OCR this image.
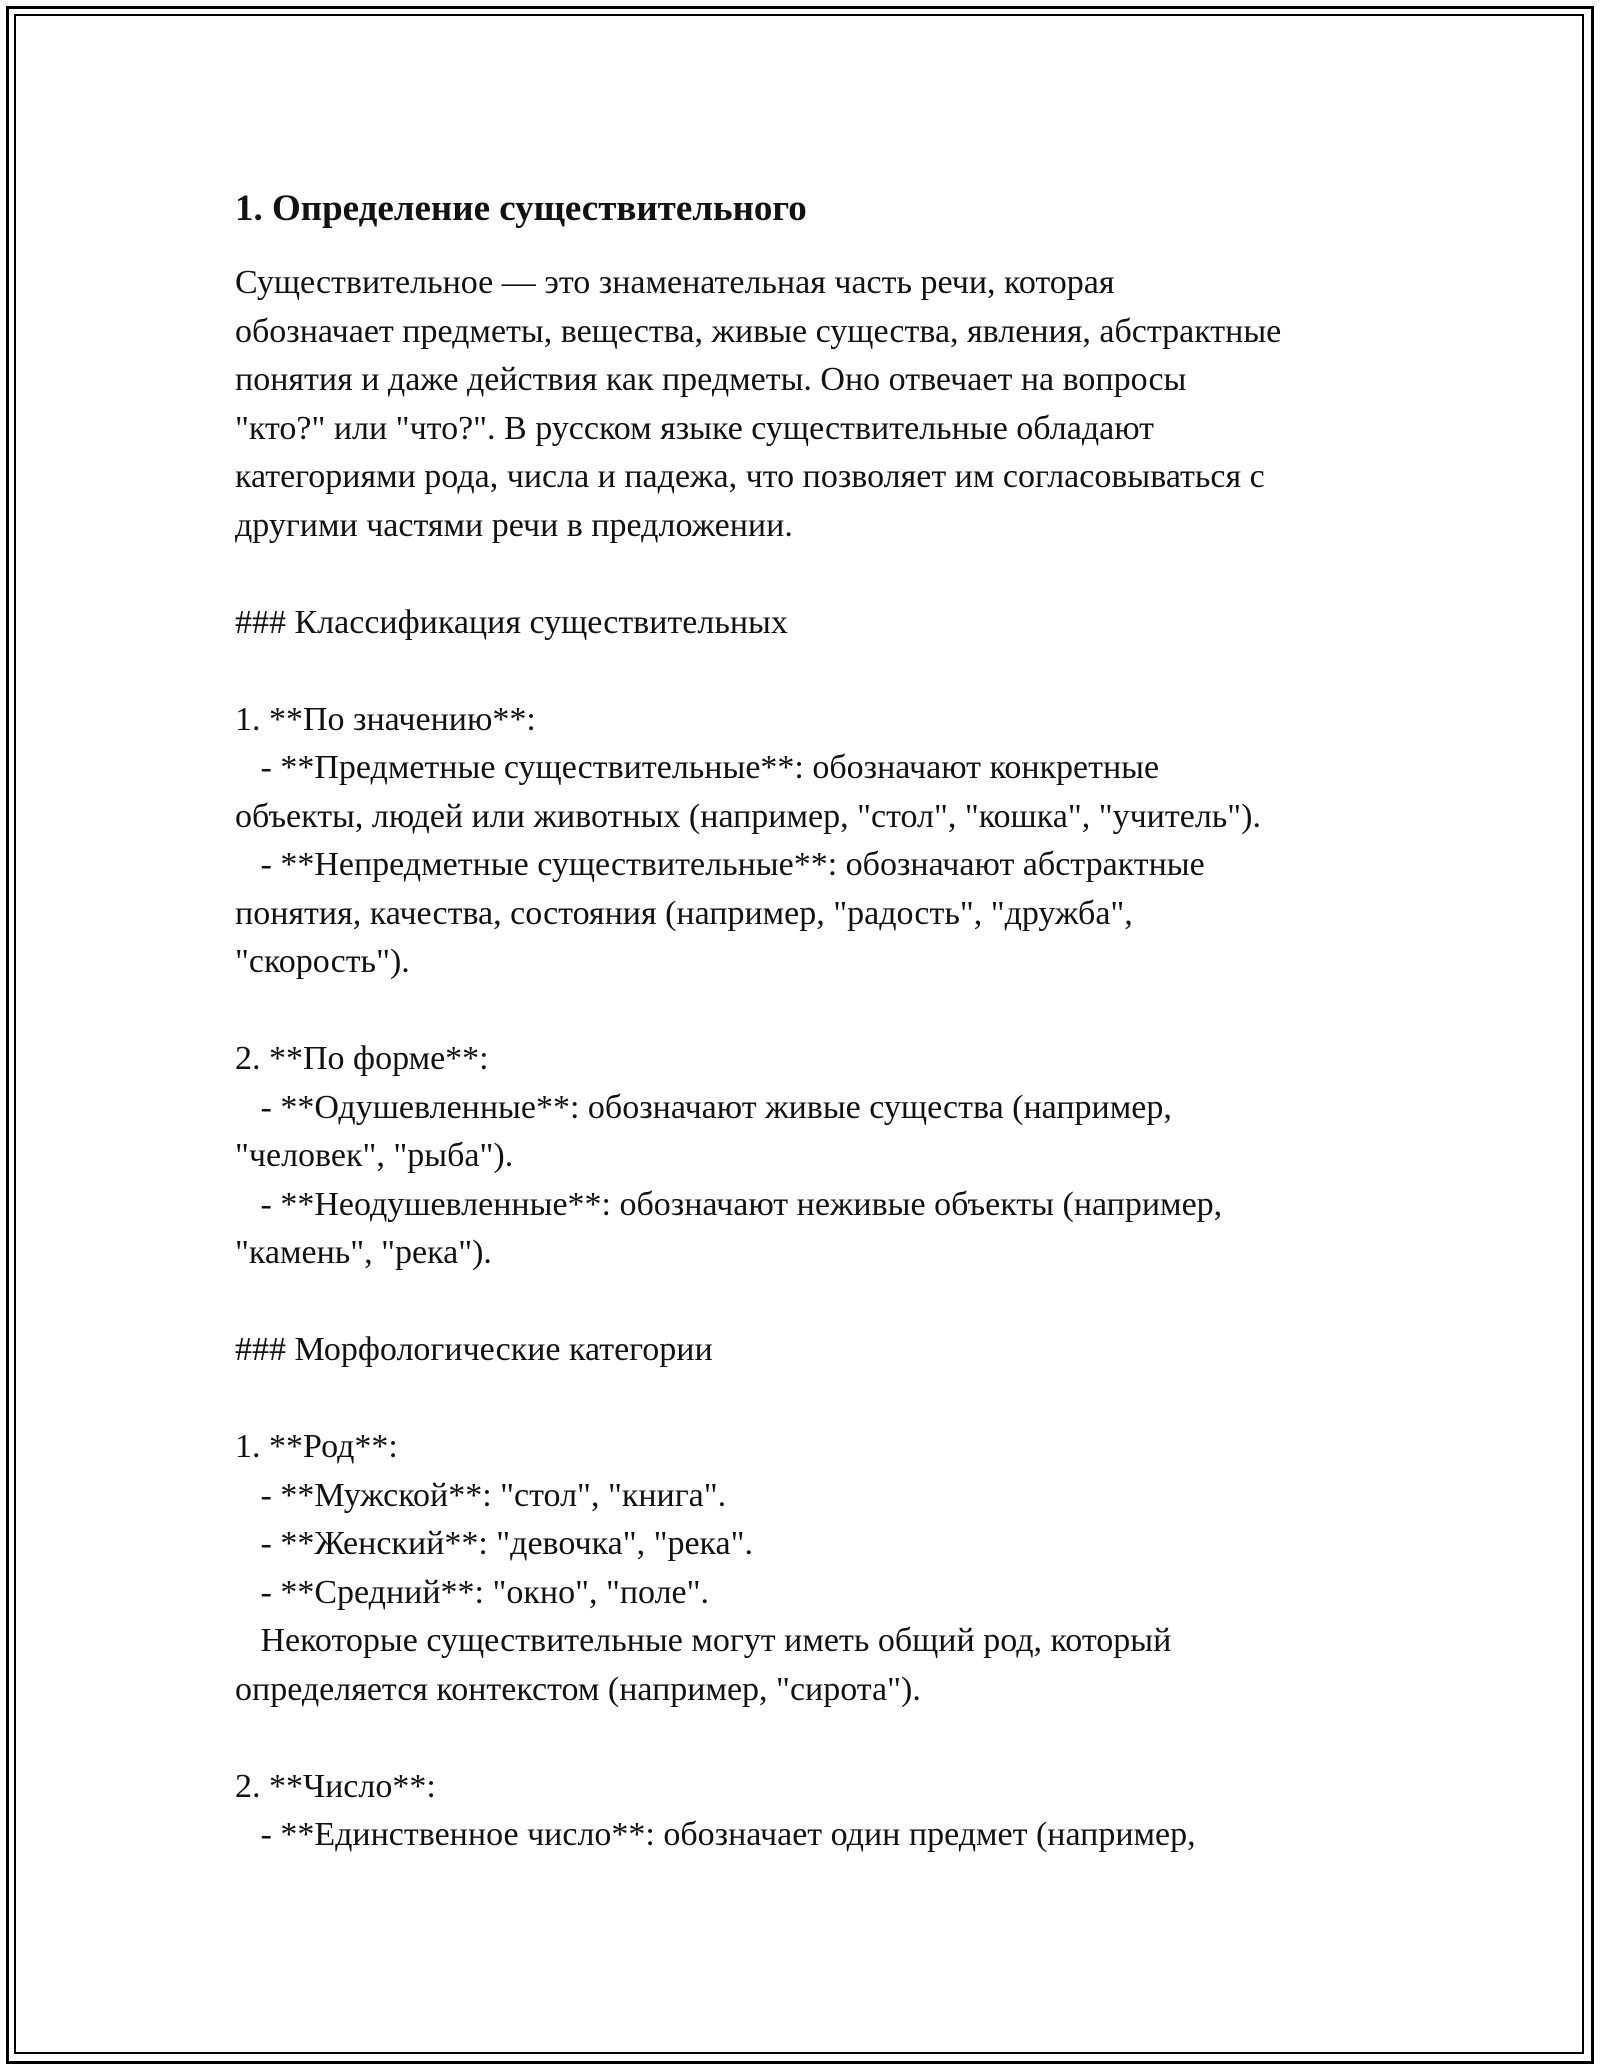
1. Определение существительного

Существительное — это знаменательная часть речи, которая

обозначает предметы, вещества, живые существа, явления, абстрактные

понятия и даже действия как предметы. Оно отвечает на вопросы

"кто?" или "что?". В русском языке существительные обладают

категориями рода, числа и падежа, что позволяет им согласовываться с

другими частями речи в предложении.

### Классификация существительных

1. **По значению**:

- **Предметные существительные**: обозначают конкретные

объекты, людей или животных (например, "стол", "кошка", "учитель").

- **Непредметные существительные**: обозначают абстрактные

понятия, качества, состояния (например, "радость", "дружба",

"скорость").

2. **По форме**:

- **Одушевленные**: обозначают живые существа (например,

"человек", "рыба").

- **Неодушевленные**: обозначают неживые объекты (например,

"камень", "река").

### Морфологические категории

1. **Род**:

- **Мужской**: "стол", "книга".

- **Женский**: "девочка", "река".

- **Средний**: "окно", "поле".

Некоторые существительные могут иметь общий род, который

определяется контекстом (например, "сирота").

2. **Число**:

- **Единственное число**: обозначает один предмет (например,
